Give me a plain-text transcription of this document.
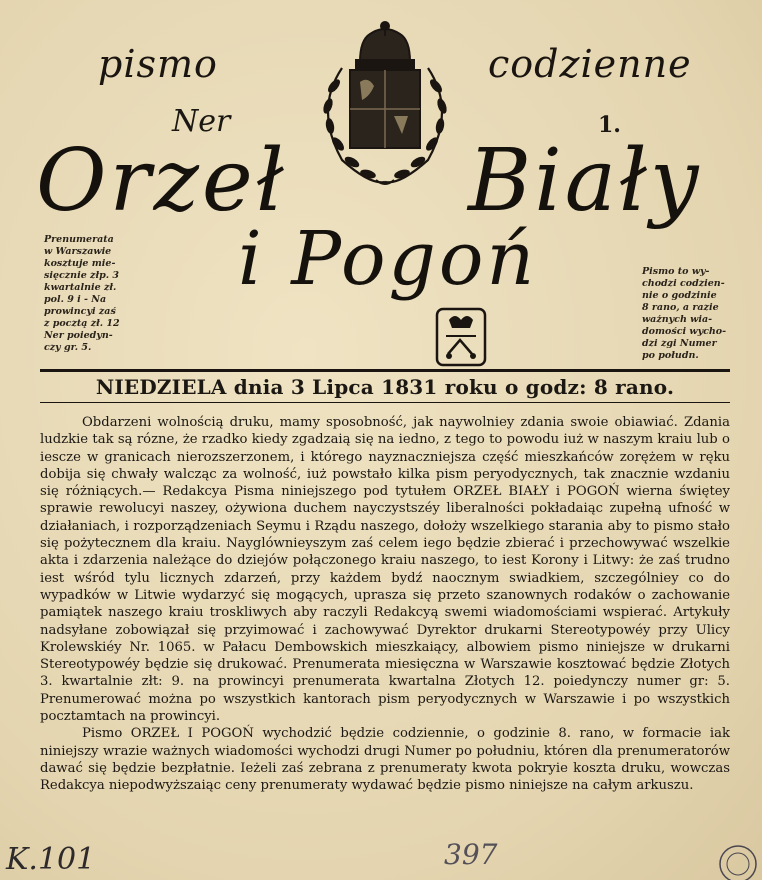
pismo	codzienne
Ner	1.
Orzeł Biały
i Pogoń
Prenumerata
w Warszawie
kosztuje mie-
sięcznie złp. 3
kwartalnie zł.
pol. 9 i - Na
prowincyi zaś
z pocztą zł. 12
Ner poiedyn-
czy gr. 5.
Pismo to wy-
chodzi codzien-
nie o godzinie
8 rano, a razie
ważnych wia-
domości wycho-
dzi zgi Numer
po połudn.
NIEDZIELA dnia 3 Lipca 1831 roku o godz: 8 rano.

Obdarzeni wolnością druku, mamy sposobność, jak naywolniey zdania swoie obiawiać. Zdania ludzkie tak są rózne, że rzadko kiedy zgadzaią się na iedno, z tego to powodu iuż w naszym kraiu lub o iescze w granicach nierozszerzonem, i którego nayznaczniejsza część mieszkańców zorężem w ręku dobija się chwały walcząc za wolność, iuż powstało kilka pism peryodycznych, tak znacznie wzdaniu się różniących.— Redakcya Pisma niniejszego pod tytułem ORZEŁ BIAŁY i POGOŃ wierna świętey sprawie rewolucyi naszey, ożywiona duchem nayczystszéy liberalności pokładaiąc zupełną ufność w działaniach, i rozporządzeniach Seymu i Rządu naszego, dołoży wszelkiego starania aby to pismo stało się pożytecznem dla kraiu. Nayglównieyszym zaś celem iego będzie zbierać i przechowywać wszelkie akta i zdarzenia należące do dziejów połączonego kraiu naszego, to iest Korony i Litwy: że zaś trudno iest wśród tylu licznych zdarzeń, przy każdem bydź naocznym swiadkiem, szczególniey co do wypadków w Litwie wydarzyć się mogących, uprasza się przeto szanownych rodaków o zachowanie pamiątek naszego kraiu troskliwych aby raczyli Redakcyą swemi wiadomościami wspierać. Artykuły nadsyłane zobowiązał się przyimować i zachowywać Dyrektor drukarni Stereotypowéy przy Ulicy Krolewskiéy Nr. 1065. w Pałacu Dembowskich mieszkaiący, albowiem pismo niniejsze w drukarni Stereotypowéy będzie się drukować. Prenumerata miesięczna w Warszawie kosztować będzie Złotych 3. kwartalnie złt: 9. na prowincyi prenumerata kwartalna Złotych 12. poiedynczy numer gr: 5. Prenumerować można po wszystkich kantorach pism peryodycznych w Warszawie i po wszystkich pocztamtach na prowincyi.

Pismo ORZEŁ I POGOŃ wychodzić będzie codziennie, o godzinie 8. rano, w formacie iak niniejszy wrazie ważnych wiadomości wychodzi drugi Numer po południu, któren dla prenumeratorów dawać się będzie bezpłatnie. Ieżeli zaś zebrana z prenumeraty kwota pokryie koszta druku, wowczas Redakcya niepodwyższaiąc ceny prenumeraty wydawać będzie pismo niniejsze na całym arkuszu.

K.101	397
